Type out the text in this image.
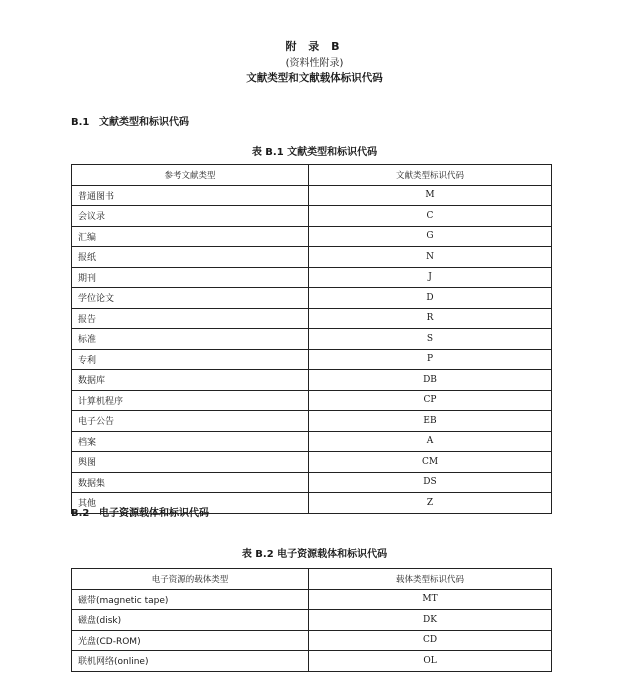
附 录 B
(资料性附录)
文献类型和文献载体标识代码
B.1 文献类型和标识代码
表 B.1 文献类型和标识代码
参考文献类型	文献类型标识代码
普通图书	M
会议录	C
汇编	G
报纸	N
期刊	J
学位论文	D
报告	R
标准	S
专利	P
数据库	DB
计算机程序	CP
电子公告	EB
档案	A
舆图	CM
数据集	DS
其他	Z
B.2 电子资源载体和标识代码
表 B.2 电子资源载体和标识代码
电子资源的载体类型	载体类型标识代码
磁带(magnetic tape)	MT
磁盘(disk)	DK
光盘(CD-ROM)	CD
联机网络(online)	OL
